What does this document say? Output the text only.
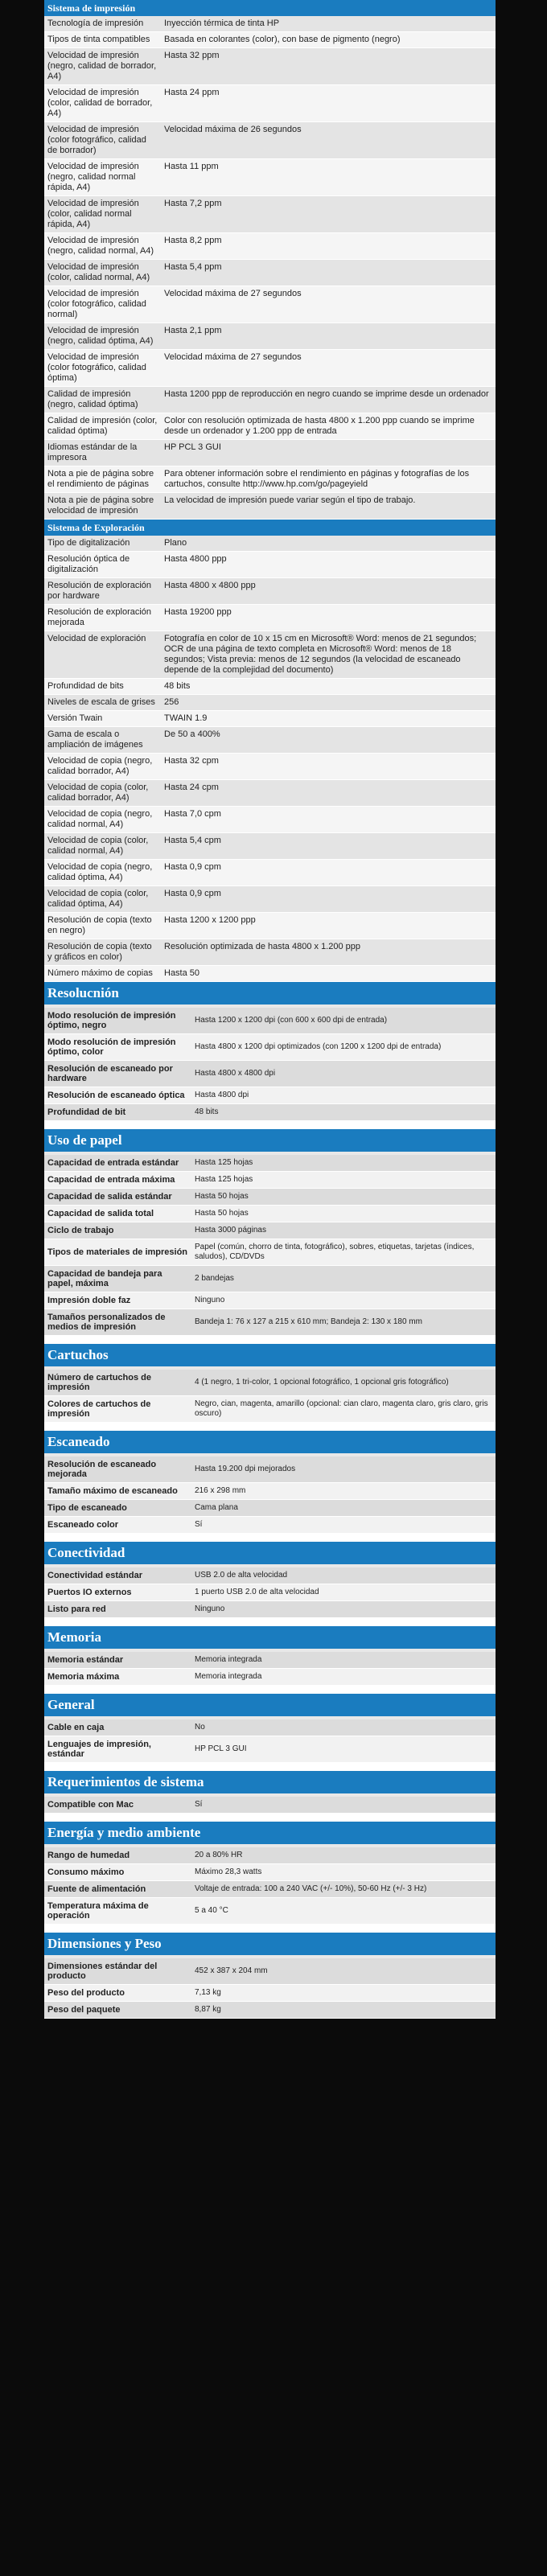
Sistema de impresión
Tecnología de impresión	Inyección térmica de tinta HP
Tipos de tinta compatibles	Basada en colorantes (color), con base de pigmento (negro)
Velocidad de impresión (negro, calidad de borrador, A4)	Hasta 32 ppm
Velocidad de impresión (color, calidad de borrador, A4)	Hasta 24 ppm
Velocidad de impresión (color fotográfico, calidad de borrador)	Velocidad máxima de 26 segundos
Velocidad de impresión (negro, calidad normal rápida, A4)	Hasta 11 ppm
Velocidad de impresión (color, calidad normal rápida, A4)	Hasta 7,2 ppm
Velocidad de impresión (negro, calidad normal, A4)	Hasta 8,2 ppm
Velocidad de impresión (color, calidad normal, A4)	Hasta 5,4 ppm
Velocidad de impresión (color fotográfico, calidad normal)	Velocidad máxima de 27 segundos
Velocidad de impresión (negro, calidad óptima, A4)	Hasta 2,1 ppm
Velocidad de impresión (color fotográfico, calidad óptima)	Velocidad máxima de 27 segundos
Calidad de impresión (negro, calidad óptima)	Hasta 1200 ppp de reproducción en negro cuando se imprime desde un ordenador
Calidad de impresión (color, calidad óptima)	Color con resolución optimizada de hasta 4800 x 1.200 ppp cuando se imprime desde un ordenador y 1.200 ppp de entrada
Idiomas estándar de la impresora	HP PCL 3 GUI
Nota a pie de página sobre el rendimiento de páginas	Para obtener información sobre el rendimiento en páginas y fotografías de los cartuchos, consulte http://www.hp.com/go/pageyield
Nota a pie de página sobre velocidad de impresión	La velocidad de impresión puede variar según el tipo de trabajo.
Sistema de Exploración
Tipo de digitalización	Plano
Resolución óptica de digitalización	Hasta 4800 ppp
Resolución de exploración por hardware	Hasta 4800 x 4800 ppp
Resolución de exploración mejorada	Hasta 19200 ppp
Velocidad de exploración	Fotografía en color de 10 x 15 cm en Microsoft® Word: menos de 21 segundos; OCR de una página de texto completa en Microsoft® Word: menos de 18 segundos; Vista previa: menos de 12 segundos (la velocidad de escaneado depende de la complejidad del documento)
Profundidad de bits	48 bits
Niveles de escala de grises	256
Versión Twain	TWAIN 1.9
Gama de escala o ampliación de imágenes	De 50 a 400%
Velocidad de copia (negro, calidad borrador, A4)	Hasta 32 cpm
Velocidad de copia (color, calidad borrador, A4)	Hasta 24 cpm
Velocidad de copia (negro, calidad normal, A4)	Hasta 7,0 cpm
Velocidad de copia (color, calidad normal, A4)	Hasta 5,4 cpm
Velocidad de copia (negro, calidad óptima, A4)	Hasta 0,9 cpm
Velocidad de copia (color, calidad óptima, A4)	Hasta 0,9 cpm
Resolución de copia (texto en negro)	Hasta 1200 x 1200 ppp
Resolución de copia (texto y gráficos en color)	Resolución optimizada de hasta 4800 x 1.200 ppp
Número máximo de copias	Hasta 50
Resolucnión
Modo resolución de impresión óptimo, negro	Hasta 1200 x 1200 dpi (con 600 x 600 dpi de entrada)
Modo resolución de impresión óptimo, color	Hasta 4800 x 1200 dpi optimizados (con 1200 x 1200 dpi de entrada)
Resolución de escaneado por hardware	Hasta 4800 x 4800 dpi
Resolución de escaneado óptica	Hasta 4800 dpi
Profundidad de bit	48 bits
Uso de papel
Capacidad de entrada estándar	Hasta 125 hojas
Capacidad de entrada máxima	Hasta 125 hojas
Capacidad de salida estándar	Hasta 50 hojas
Capacidad de salida total	Hasta 50 hojas
Ciclo de trabajo	Hasta 3000 páginas
Tipos de materiales de impresión	Papel (común, chorro de tinta, fotográfico), sobres, etiquetas, tarjetas (índices, saludos), CD/DVDs
Capacidad de bandeja para papel, máxima	2 bandejas
Impresión doble faz	Ninguno
Tamaños personalizados de medios de impresión	Bandeja 1: 76 x 127 a 215 x 610 mm; Bandeja 2: 130 x 180 mm
Cartuchos
Número de cartuchos de impresión	4 (1 negro, 1 tri-color, 1 opcional fotográfico, 1 opcional gris fotográfico)
Colores de cartuchos de impresión	Negro, cian, magenta, amarillo (opcional: cian claro, magenta claro, gris claro, gris oscuro)
Escaneado
Resolución de escaneado mejorada	Hasta 19.200 dpi mejorados
Tamaño máximo de escaneado	216 x 298 mm
Tipo de escaneado	Cama plana
Escaneado color	Sí
Conectividad
Conectividad estándar	USB 2.0 de alta velocidad
Puertos IO externos	1 puerto USB 2.0 de alta velocidad
Listo para red	Ninguno
Memoria
Memoria estándar	Memoria integrada
Memoria máxima	Memoria integrada
General
Cable en caja	No
Lenguajes de impresión, estándar	HP PCL 3 GUI
Requerimientos de sistema
Compatible con Mac	Sí
Energía y medio ambiente
Rango de humedad	20 a 80% HR
Consumo máximo	Máximo 28,3 watts
Fuente de alimentación	Voltaje de entrada: 100 a 240 VAC (+/- 10%), 50-60 Hz (+/- 3 Hz)
Temperatura máxima de operación	5 a 40 °C
Dimensiones y Peso
Dimensiones estándar del producto	452 x 387 x 204 mm
Peso del producto	7,13 kg
Peso del paquete	8,87 kg
